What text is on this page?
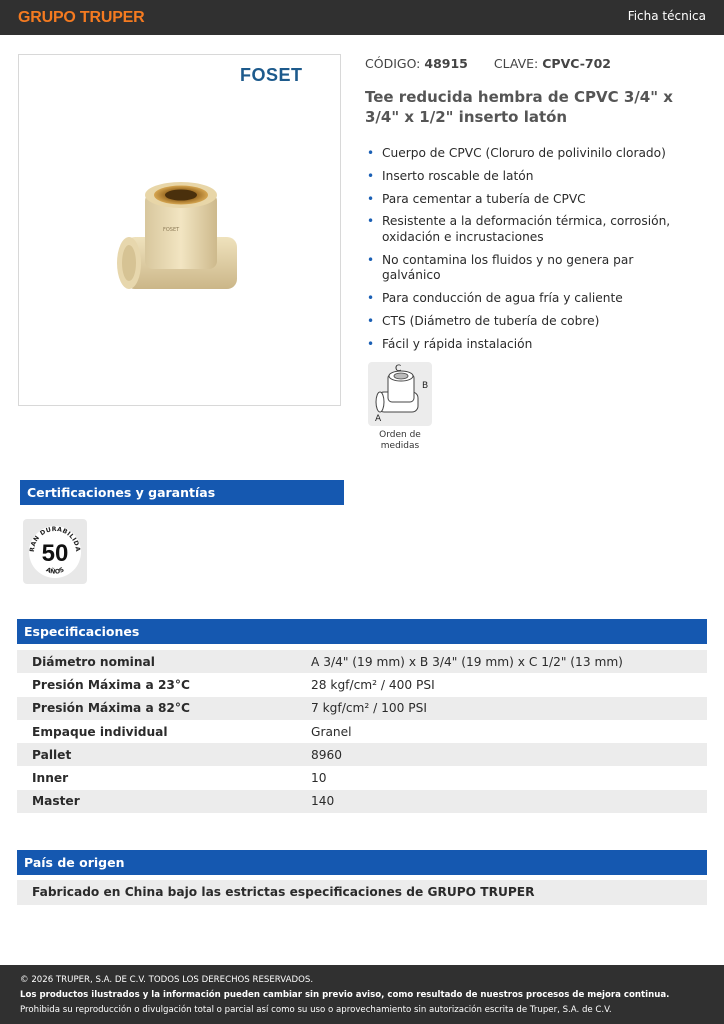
GRUPO TRUPER	Ficha técnica
FOSET
FOSET
CÓDIGO: 48915 CLAVE: CPVC-702
Tee reducida hembra de CPVC 3/4" x 3/4" x 1/2" inserto latón
• Cuerpo de CPVC (Cloruro de polivinilo clorado)
• Inserto roscable de latón
• Para cementar a tubería de CPVC
• Resistente a la deformación térmica, corrosión, oxidación e incrustaciones
• No contamina los fluidos y no genera par galvánico
• Para conducción de agua fría y caliente
• CTS (Diámetro de tubería de cobre)
• Fácil y rápida instalación
A
B
C
Orden de medidas
Certificaciones y garantías
RAN DURABILIDA
50
AÑOS
Especificaciones
Diámetro nominal	A 3/4" (19 mm) x B 3/4" (19 mm) x C 1/2" (13 mm)
Presión Máxima a 23°C	28 kgf/cm² / 400 PSI
Presión Máxima a 82°C	7 kgf/cm² / 100 PSI
Empaque individual	Granel
Pallet	8960
Inner	10
Master	140
País de origen
Fabricado en China bajo las estrictas especificaciones de GRUPO TRUPER

© 2026 TRUPER, S.A. DE C.V. TODOS LOS DERECHOS RESERVADOS.

Los productos ilustrados y la información pueden cambiar sin previo aviso, como resultado de nuestros procesos de mejora continua.

Prohibida su reproducción o divulgación total o parcial así como su uso o aprovechamiento sin autorización escrita de Truper, S.A. de C.V.
